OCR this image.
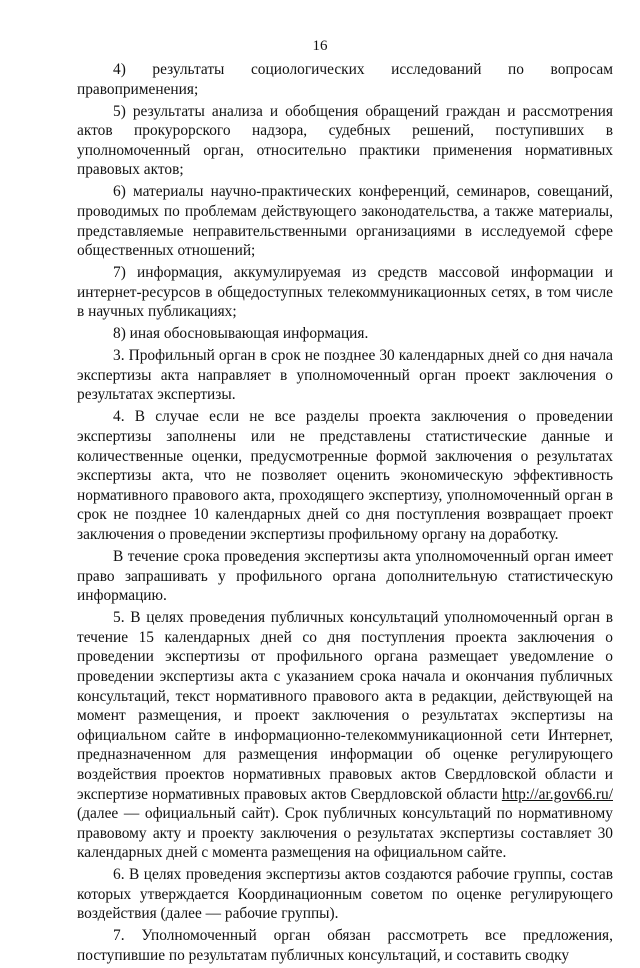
16

4) результаты социологических исследований по вопросам правоприменения;

5) результаты анализа и обобщения обращений граждан и рассмотрения актов прокурорского надзора, судебных решений, поступивших в уполномоченный орган, относительно практики применения нормативных правовых актов;

6) материалы научно-практических конференций, семинаров, совещаний, проводимых по проблемам действующего законодательства, а также материалы, представляемые неправительственными организациями в исследуемой сфере общественных отношений;

7) информация, аккумулируемая из средств массовой информации и интернет-ресурсов в общедоступных телекоммуникационных сетях, в том числе в научных публикациях;

8) иная обосновывающая информация.

3. Профильный орган в срок не позднее 30 календарных дней со дня начала экспертизы акта направляет в уполномоченный орган проект заключения о результатах экспертизы.

4. В случае если не все разделы проекта заключения о проведении экспертизы заполнены или не представлены статистические данные и количественные оценки, предусмотренные формой заключения о результатах экспертизы акта, что не позволяет оценить экономическую эффективность нормативного правового акта, проходящего экспертизу, уполномоченный орган в срок не позднее 10 календарных дней со дня поступления возвращает проект заключения о проведении экспертизы профильному органу на доработку.

В течение срока проведения экспертизы акта уполномоченный орган имеет право запрашивать у профильного органа дополнительную статистическую информацию.

5. В целях проведения публичных консультаций уполномоченный орган в течение 15 календарных дней со дня поступления проекта заключения о проведении экспертизы от профильного органа размещает уведомление о проведении экспертизы акта с указанием срока начала и окончания публичных консультаций, текст нормативного правового акта в редакции, действующей на момент размещения, и проект заключения о результатах экспертизы на официальном сайте в информационно-телекоммуникационной сети Интернет, предназначенном для размещения информации об оценке регулирующего воздействия проектов нормативных правовых актов Свердловской области и экспертизе нормативных правовых актов Свердловской области http://ar.gov66.ru/ (далее — официальный сайт). Срок публичных консультаций по нормативному правовому акту и проекту заключения о результатах экспертизы составляет 30 календарных дней с момента размещения на официальном сайте.

6. В целях проведения экспертизы актов создаются рабочие группы, состав которых утверждается Координационным советом по оценке регулирующего воздействия (далее — рабочие группы).

7. Уполномоченный орган обязан рассмотреть все предложения, поступившие по результатам публичных консультаций, и составить сводку
